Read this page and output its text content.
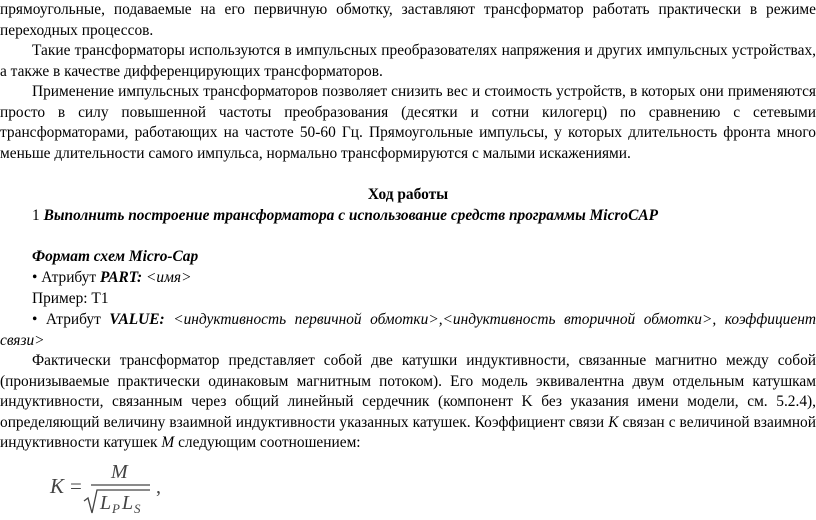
прямоугольные, подаваемые на его первичную обмотку, заставляют трансформатор работать практически в режиме переходных процессов.

Такие трансформаторы используются в импульсных преобразователях напряжения и других импульсных устройствах, а также в качестве дифференцирующих трансформаторов.

Применение импульсных трансформаторов позволяет снизить вес и стоимость устройств, в которых они применяются просто в силу повышенной частоты преобразования (десятки и сотни килогерц) по сравнению с сетевыми трансформаторами, работающих на частоте 50-60 Гц. Прямоугольные импульсы, у которых длительность фронта много меньше длительности самого импульса, нормально трансформируются с малыми искажениями.

Ход работы
1 Выполнить построение трансформатора с использование средств программы MicroCAP
Формат схем Micro-Cap
• Атрибут PART: <имя>
Пример: T1

• Атрибут VALUE: <индуктивность первичной обмотки>,<индуктивность вторичной обмотки>, коэффициент связи>

Фактически трансформатор представляет собой две катушки индуктивности, связанные магнитно между собой (пронизываемые практически одинаковым магнитным потоком). Его модель эквивалентна двум отдельным катушкам индуктивности, связанным через общий линейный сердечник (компонент K без указания имени модели, см. 5.2.4), определяющий величину взаимной индуктивности указанных катушек. Коэффициент связи K связан с величиной взаимной индуктивности катушек M следующим соотношением:

K =
M
L P L S
,
